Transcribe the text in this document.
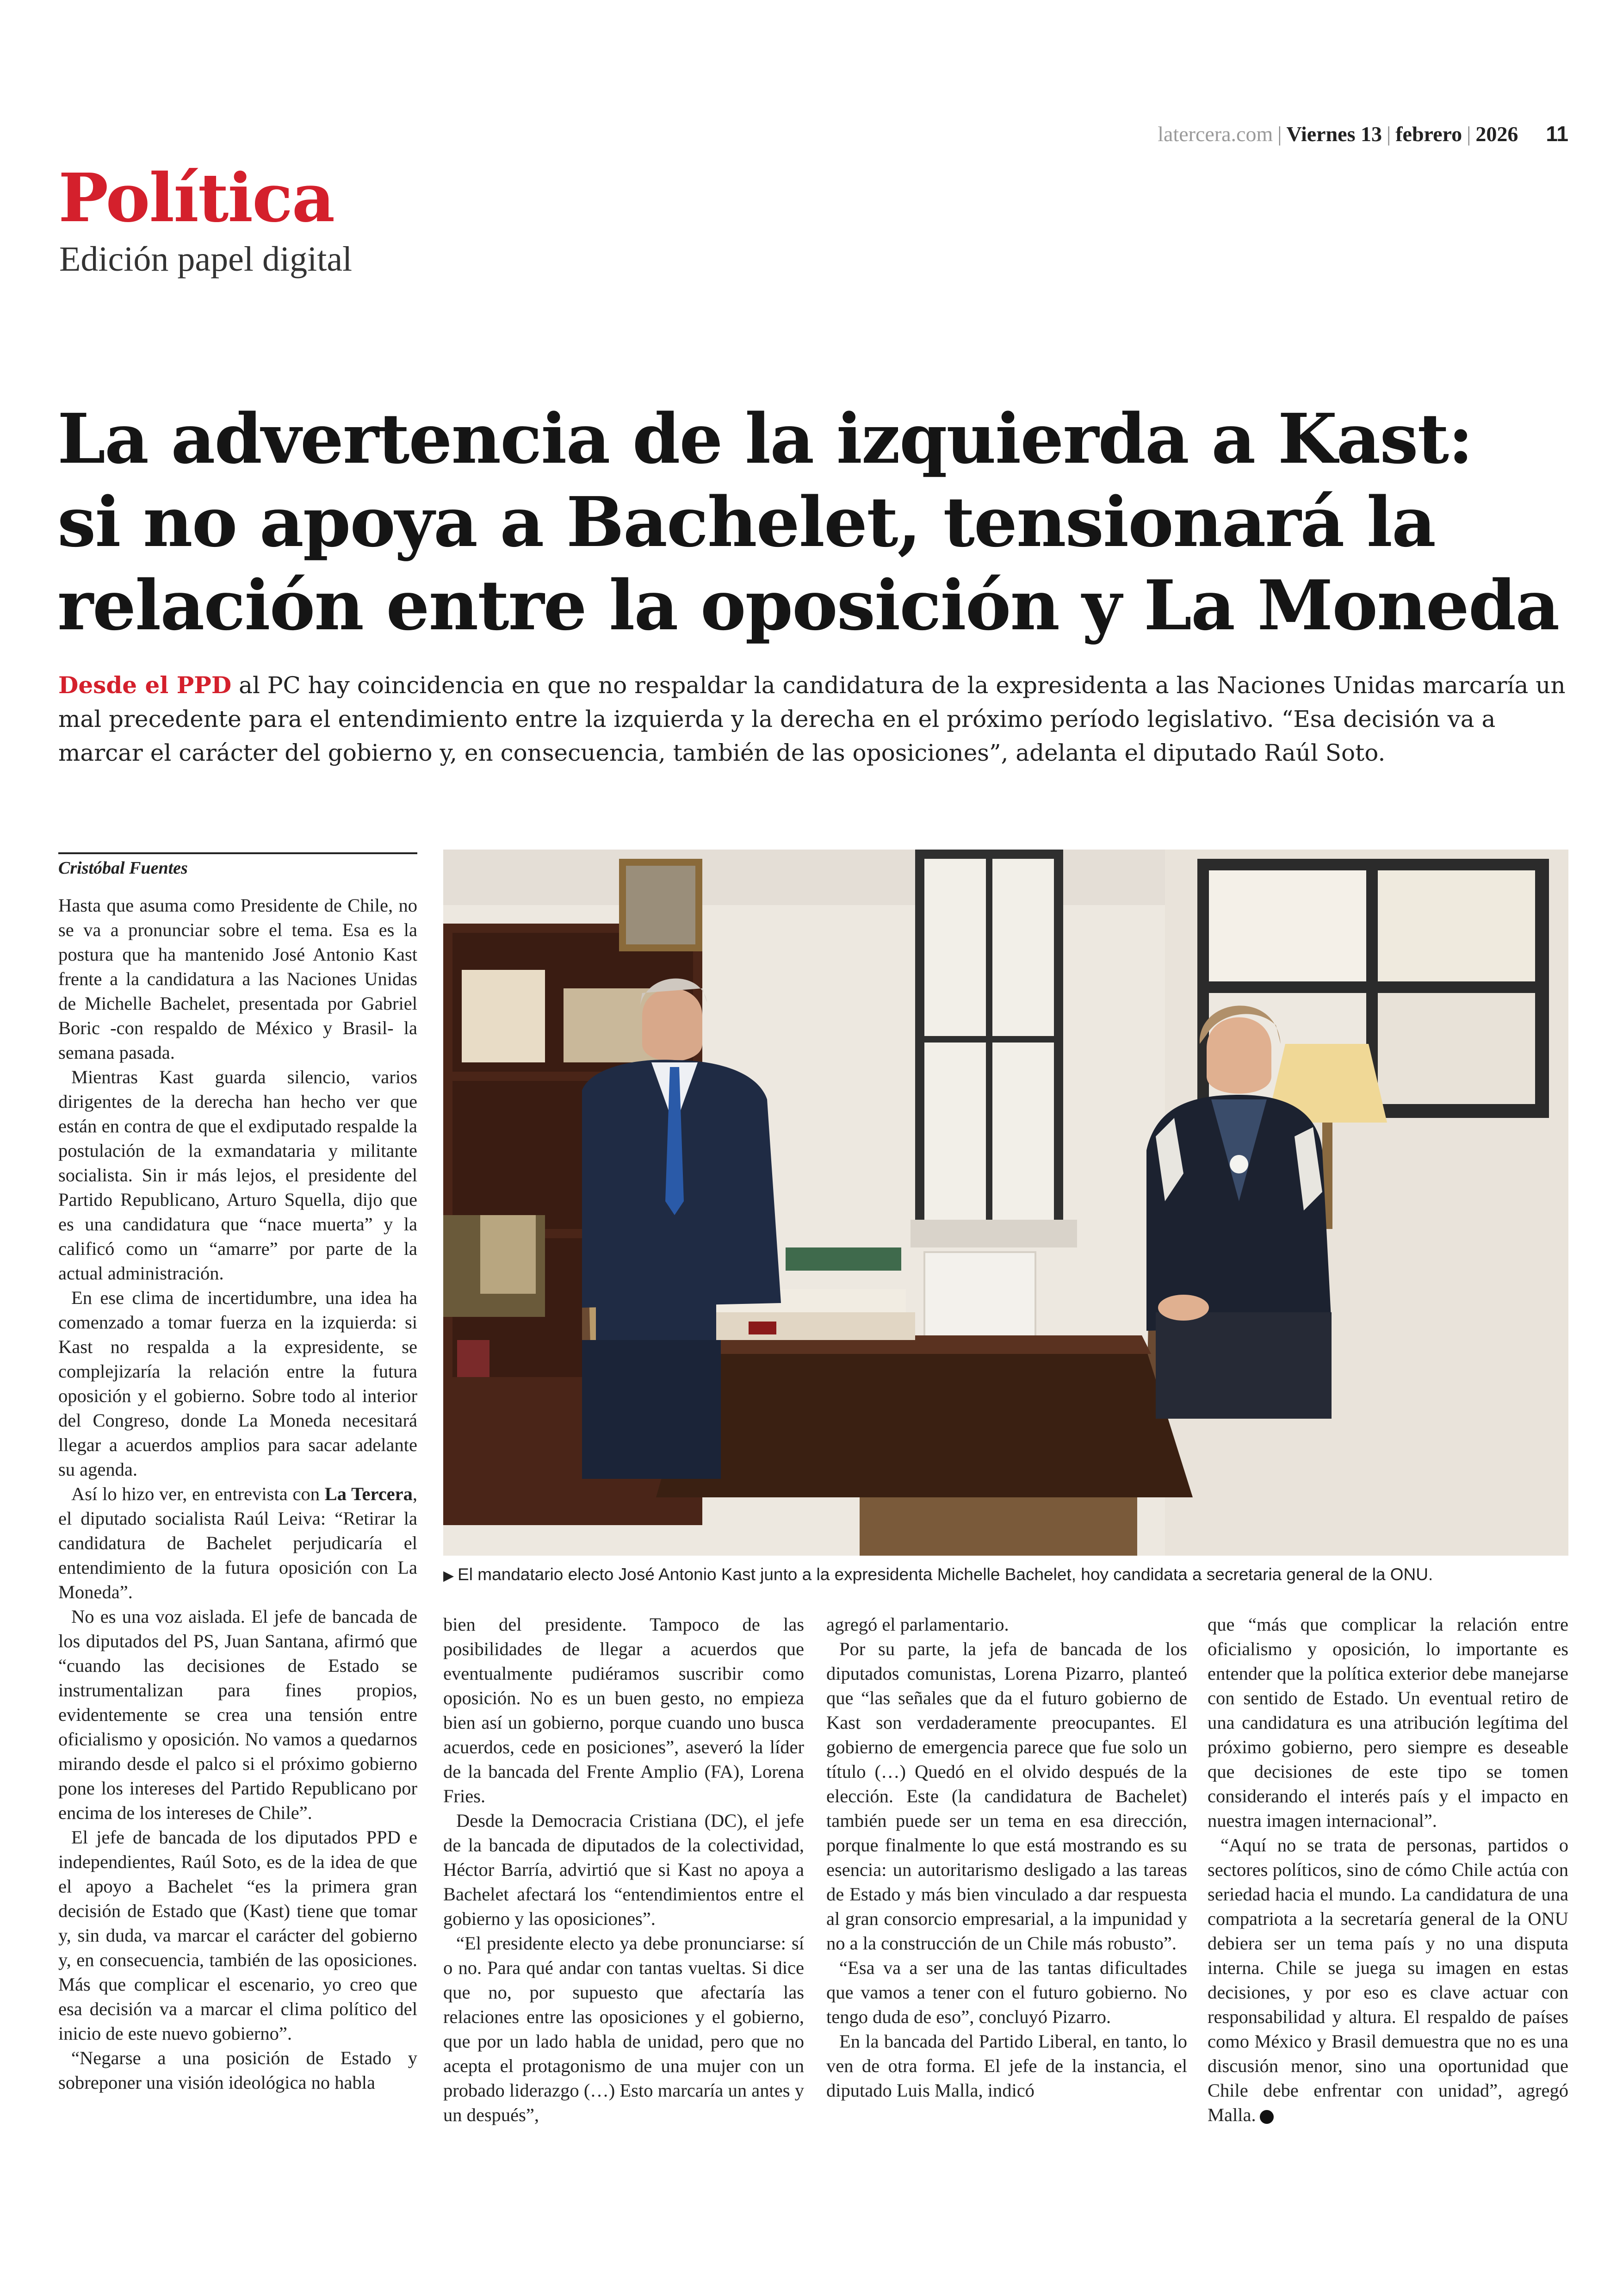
latercera.com | Viernes 13 | febrero | 2026 11
Política
Edición papel digital
La advertencia de la izquierda a Kast:
si no apoya a Bachelet, tensionará la
relación entre la oposición y La Moneda

Desde el PPD al PC hay coincidencia en que no respaldar la candidatura de la expresidenta a las Naciones Unidas marcaría un mal precedente para el entendimiento entre la izquierda y la derecha en el próximo período legislativo. “Esa decisión va a marcar el carácter del gobierno y, en consecuencia, también de las oposiciones”, adelanta el diputado Raúl Soto.

Cristóbal Fuentes

Hasta que asuma como Presidente de Chile, no se va a pronunciar sobre el tema. Esa es la postura que ha mantenido José Antonio Kast frente a la candidatura a las Naciones Unidas de Michelle Bachelet, presentada por Gabriel Boric -con respaldo de México y Brasil- la semana pasada.

Mientras Kast guarda silencio, varios dirigentes de la derecha han hecho ver que están en contra de que el exdiputado respalde la postulación de la exmandataria y militante socialista. Sin ir más lejos, el presidente del Partido Republicano, Arturo Squella, dijo que es una candidatura que “nace muerta” y la calificó como un “amarre” por parte de la actual administración.

En ese clima de incertidumbre, una idea ha comenzado a tomar fuerza en la izquierda: si Kast no respalda a la expresidente, se complejizaría la relación entre la futura oposición y el gobierno. Sobre todo al interior del Congreso, donde La Moneda necesitará llegar a acuerdos amplios para sacar adelante su agenda.

Así lo hizo ver, en entrevista con La Tercera, el diputado socialista Raúl Leiva: “Retirar la candidatura de Bachelet perjudicaría el entendimiento de la futura oposición con La Moneda”.

No es una voz aislada. El jefe de bancada de los diputados del PS, Juan Santana, afirmó que “cuando las decisiones de Estado se instrumentalizan para fines propios, evidentemente se crea una tensión entre oficialismo y oposición. No vamos a quedarnos mirando desde el palco si el próximo gobierno pone los intereses del Partido Republicano por encima de los intereses de Chile”.

El jefe de bancada de los diputados PPD e independientes, Raúl Soto, es de la idea de que el apoyo a Bachelet “es la primera gran decisión de Estado que (Kast) tiene que tomar y, sin duda, va marcar el carácter del gobierno y, en consecuencia, también de las oposiciones. Más que complicar el escenario, yo creo que esa decisión va a marcar el clima político del inicio de este nuevo gobierno”.

“Negarse a una posición de Estado y sobreponer una visión ideológica no habla

▶ El mandatario electo José Antonio Kast junto a la expresidenta Michelle Bachelet, hoy candidata a secretaria general de la ONU.

bien del presidente. Tampoco de las posibilidades de llegar a acuerdos que eventualmente pudiéramos suscribir como oposición. No es un buen gesto, no empieza bien así un gobierno, porque cuando uno busca acuerdos, cede en posiciones”, aseveró la líder de la bancada del Frente Amplio (FA), Lorena Fries.

Desde la Democracia Cristiana (DC), el jefe de la bancada de diputados de la colectividad, Héctor Barría, advirtió que si Kast no apoya a Bachelet afectará los “entendimientos entre el gobierno y las oposiciones”.

“El presidente electo ya debe pronunciarse: sí o no. Para qué andar con tantas vueltas. Si dice que no, por supuesto que afectaría las relaciones entre las oposiciones y el gobierno, que por un lado habla de unidad, pero que no acepta el protagonismo de una mujer con un probado liderazgo (…) Esto marcaría un antes y un después”,

agregó el parlamentario.

Por su parte, la jefa de bancada de los diputados comunistas, Lorena Pizarro, planteó que “las señales que da el futuro gobierno de Kast son verdaderamente preocupantes. El gobierno de emergencia parece que fue solo un título (…) Quedó en el olvido después de la elección. Este (la candidatura de Bachelet) también puede ser un tema en esa dirección, porque finalmente lo que está mostrando es su esencia: un autoritarismo desligado a las tareas de Estado y más bien vinculado a dar respuesta al gran consorcio empresarial, a la impunidad y no a la construcción de un Chile más robusto”.

“Esa va a ser una de las tantas dificultades que vamos a tener con el futuro gobierno. No tengo duda de eso”, concluyó Pizarro.

En la bancada del Partido Liberal, en tanto, lo ven de otra forma. El jefe de la instancia, el diputado Luis Malla, indicó

que “más que complicar la relación entre oficialismo y oposición, lo importante es entender que la política exterior debe manejarse con sentido de Estado. Un eventual retiro de una candidatura es una atribución legítima del próximo gobierno, pero siempre es deseable que decisiones de este tipo se tomen considerando el interés país y el impacto en nuestra imagen internacional”.

“Aquí no se trata de personas, partidos o sectores políticos, sino de cómo Chile actúa con seriedad hacia el mundo. La candidatura de una compatriota a la secretaría general de la ONU debiera ser un tema país y no una disputa interna. Chile se juega su imagen en estas decisiones, y por eso es clave actuar con responsabilidad y altura. El respaldo de países como México y Brasil demuestra que no es una discusión menor, sino una oportunidad que Chile debe enfrentar con unidad”, agregó Malla.
